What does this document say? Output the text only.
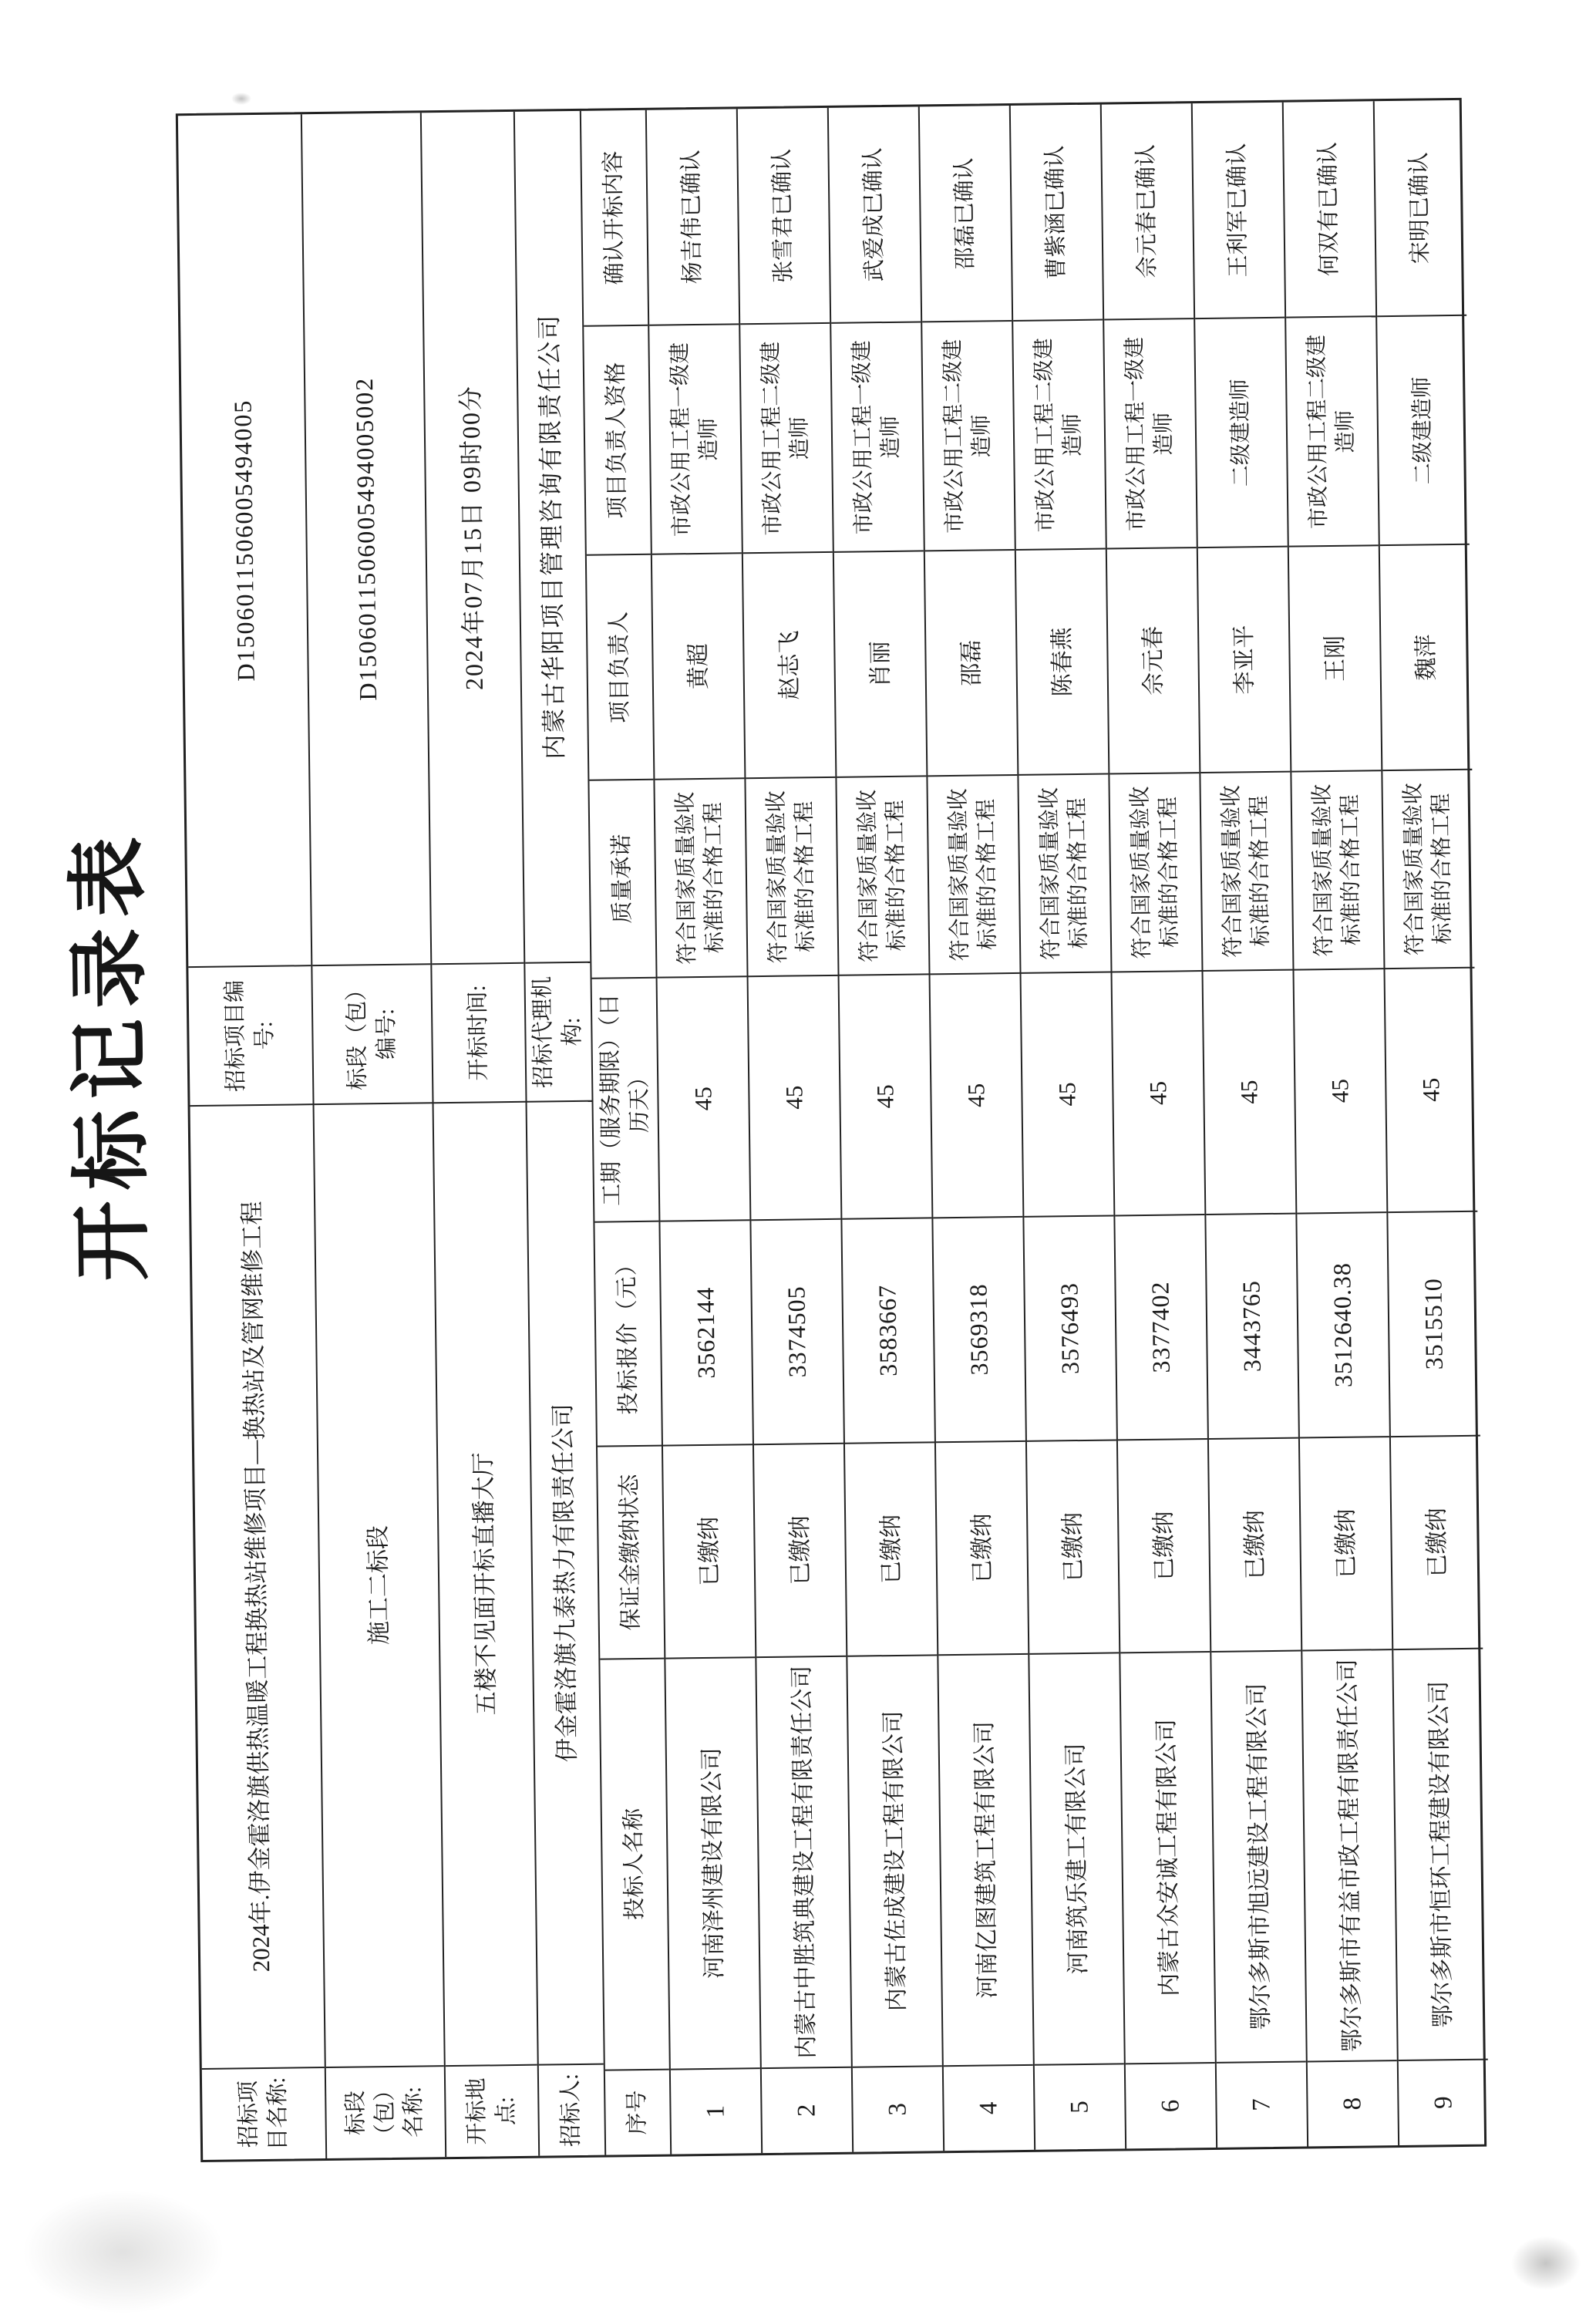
开标记录表
招标项目名称:
2024年.伊金霍洛旗供热温暖工程换热站维修项目—换热站及管网维修工程
招标项目编号:
D1506011506005494005
标段（包）名称:
施工二标段
标段（包）编号:
D1506011506005494005002
开标地点:
五楼不见面开标直播大厅
开标时间:
2024年07月15日 09时00分
招标人:
伊金霍洛旗九泰热力有限责任公司
招标代理机构:
内蒙古华阳项目管理咨询有限责任公司
序号
投标人名称
保证金缴纳状态
投标报价（元）
工期（服务期限）（日历天）
质量承诺
项目负责人
项目负责人资格
确认开标内容
1
河南泽州建设有限公司
已缴纳
3562144
45
符合国家质量验收标准的合格工程
黄超
市政公用工程一级建造师
杨吉伟已确认
2
内蒙古中胜筑典建设工程有限责任公司
已缴纳
3374505
45
符合国家质量验收标准的合格工程
赵志飞
市政公用工程二级建造师
张雪君已确认
3
内蒙古佐成建设工程有限公司
已缴纳
3583667
45
符合国家质量验收标准的合格工程
肖丽
市政公用工程一级建造师
武爱成已确认
4
河南亿图建筑工程有限公司
已缴纳
3569318
45
符合国家质量验收标准的合格工程
邵磊
市政公用工程二级建造师
邵磊已确认
5
河南筑乐建工有限公司
已缴纳
3576493
45
符合国家质量验收标准的合格工程
陈春燕
市政公用工程二级建造师
曹紫涵已确认
6
内蒙古众安诚工程有限公司
已缴纳
3377402
45
符合国家质量验收标准的合格工程
佘元春
市政公用工程一级建造师
佘元春已确认
7
鄂尔多斯市旭远建设工程有限公司
已缴纳
3443765
45
符合国家质量验收标准的合格工程
李亚平
二级建造师
王利军已确认
8
鄂尔多斯市有益市政工程有限责任公司
已缴纳
3512640.38
45
符合国家质量验收标准的合格工程
王刚
市政公用工程二级建造师
何双有已确认
9
鄂尔多斯市恒环工程建设有限公司
已缴纳
3515510
45
符合国家质量验收标准的合格工程
魏萍
二级建造师
宋明已确认
